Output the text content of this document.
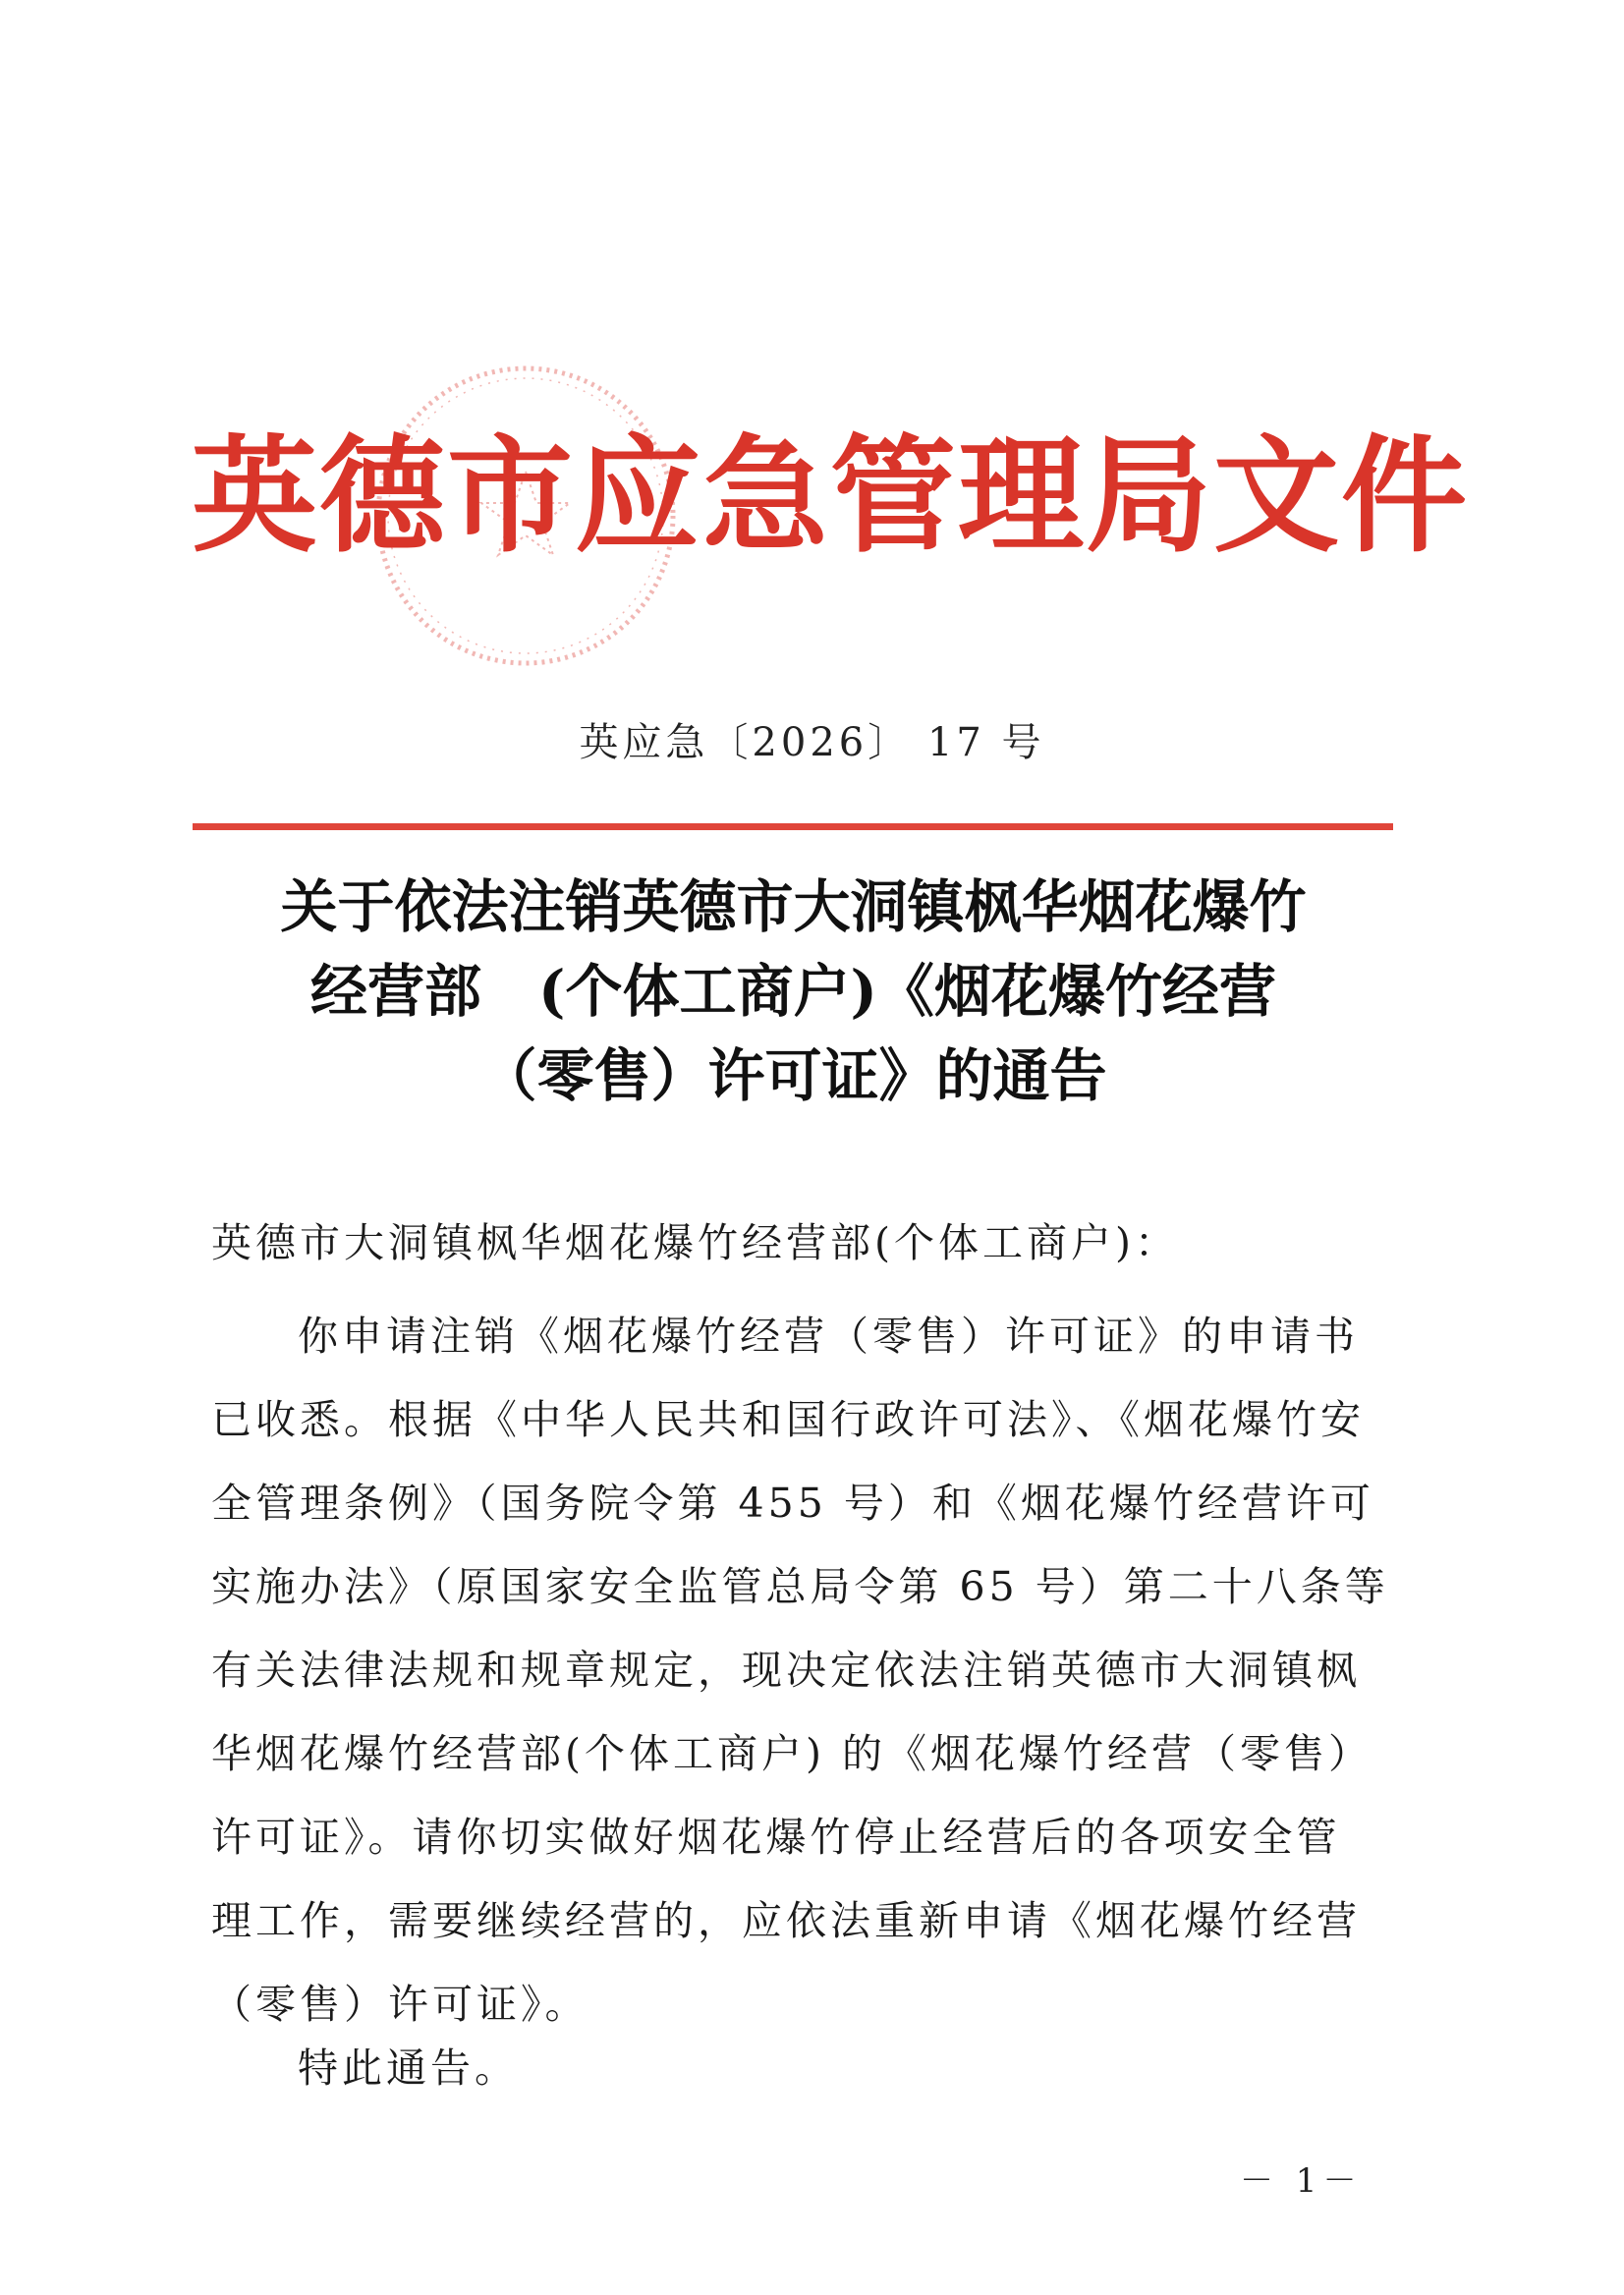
英德市应急管理局文件
英应急〔2026〕 17 号
关于依法注销英德市大洞镇枫华烟花爆竹
经营部　(个体工商户)《烟花爆竹经营
（零售）许可证》的通告
英德市大洞镇枫华烟花爆竹经营部(个体工商户)：
你申请注销《烟花爆竹经营（零售）许可证》的申请书
已收悉。根据《中华人民共和国行政许可法》、《烟花爆竹安
全管理条例》（国务院令第 455 号）和《烟花爆竹经营许可
实施办法》（原国家安全监管总局令第 65 号）第二十八条等
有关法律法规和规章规定，现决定依法注销英德市大洞镇枫
华烟花爆竹经营部(个体工商户) 的《烟花爆竹经营（零售）
许可证》。请你切实做好烟花爆竹停止经营后的各项安全管
理工作，需要继续经营的，应依法重新申请《烟花爆竹经营
（零售）许可证》。
特此通告。
－ 1－
